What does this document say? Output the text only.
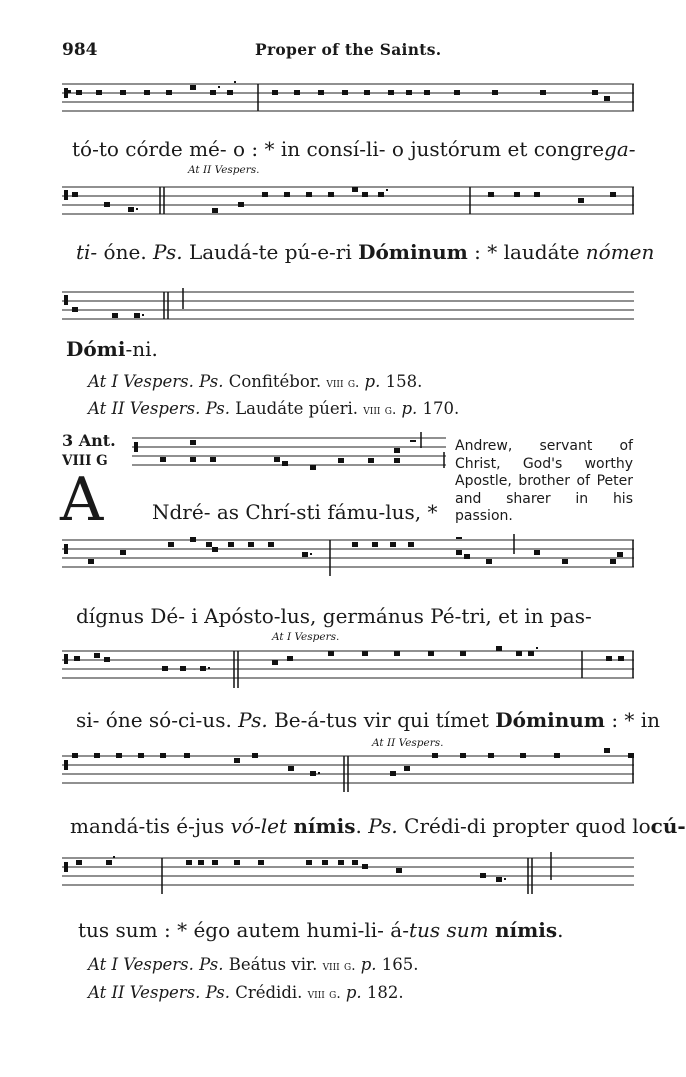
984	Proper of the Saints.
tó-to córde mé- o : * in consí-li- o justórum et congrega-
At II Vespers.
ti- óne. Ps. Laudá-te pú-e-ri Dóminum : * laudáte nómen
Dómi-ni.
At I Vespers. Ps. Confitébor. viii g. p. 158.
At II Vespers. Ps. Laudáte púeri. viii g. p. 170.
3 Ant.
VIII G
A Ndré- as Chrí-sti fámu-lus, *
Andrew, servant of Christ, God's worthy Apostle, brother of Peter and sharer in his passion.
dígnus Dé- i Apósto-lus, germánus Pé-tri, et in pas-
At I Vespers.
si- óne só-ci-us. Ps. Be-á-tus vir qui tímet Dóminum : * in
At II Vespers.
mandá-tis é-jus vó-let nímis. Ps. Crédi-di propter quod locú-
tus sum : * égo autem humi-li- á-tus sum nímis.
At I Vespers. Ps. Beátus vir. viii g. p. 165.
At II Vespers. Ps. Crédidi. viii g. p. 182.
